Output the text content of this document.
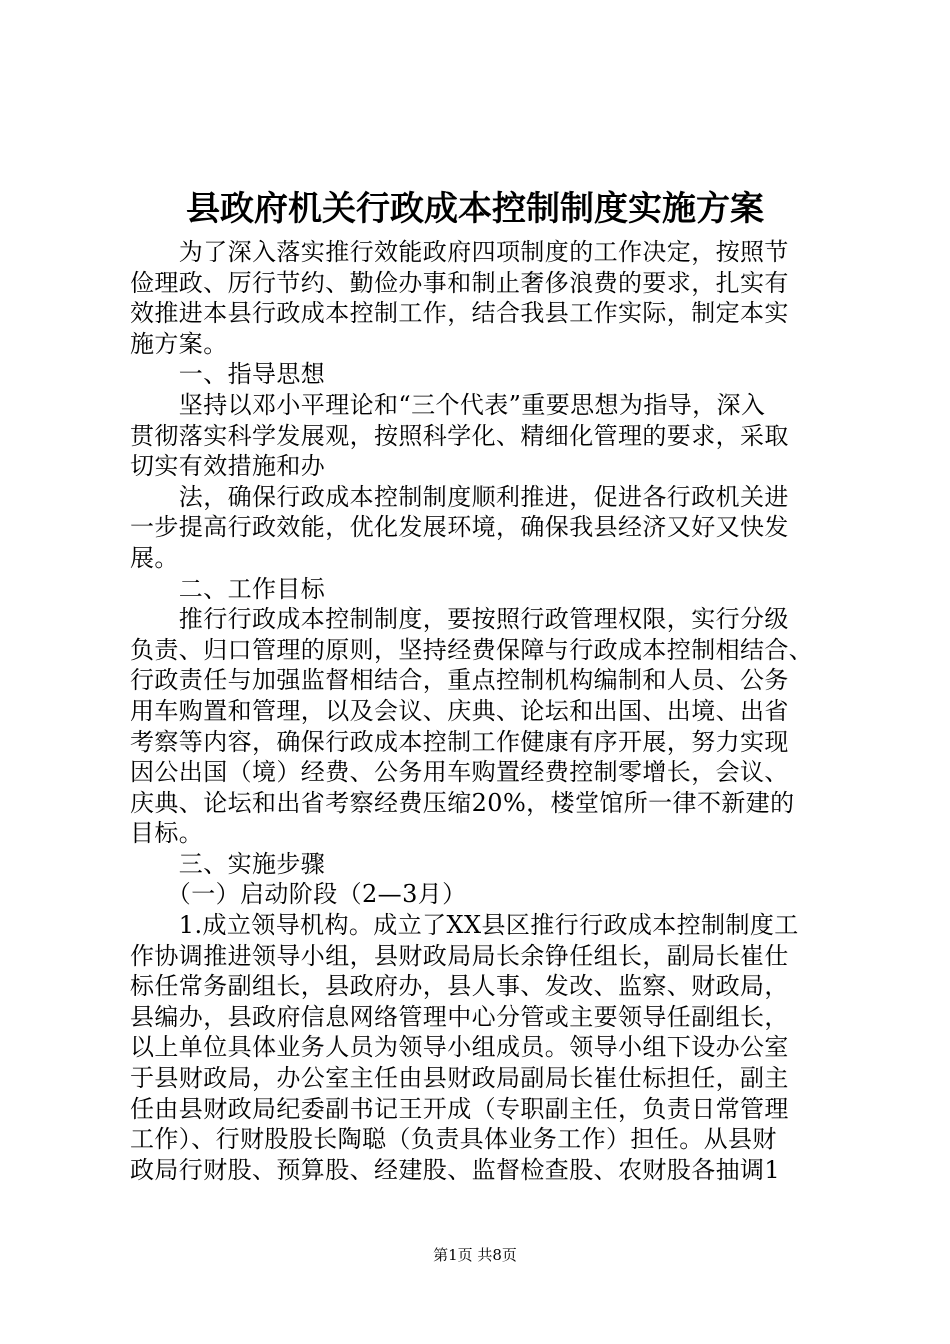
县政府机关行政成本控制制度实施方案
　　为了深入落实推行效能政府四项制度的工作决定，按照节
俭理政、厉行节约、勤俭办事和制止奢侈浪费的要求，扎实有
效推进本县行政成本控制工作，结合我县工作实际，制定本实
施方案。
　　一、指导思想
　　坚持以邓小平理论和“三个代表”重要思想为指导，深入
贯彻落实科学发展观，按照科学化、精细化管理的要求，采取
切实有效措施和办
　　法，确保行政成本控制制度顺利推进，促进各行政机关进
一步提高行政效能，优化发展环境，确保我县经济又好又快发
展。
　　二、工作目标
　　推行行政成本控制制度，要按照行政管理权限，实行分级
负责、归口管理的原则，坚持经费保障与行政成本控制相结合、
行政责任与加强监督相结合，重点控制机构编制和人员、公务
用车购置和管理，以及会议、庆典、论坛和出国、出境、出省
考察等内容，确保行政成本控制工作健康有序开展，努力实现
因公出国（境）经费、公务用车购置经费控制零增长，会议、
庆典、论坛和出省考察经费压缩20%，楼堂馆所一律不新建的
目标。
　　三、实施步骤
　　（一）启动阶段（2—3月）
　　1.成立领导机构。成立了XX县区推行行政成本控制制度工
作协调推进领导小组，县财政局局长余铮任组长，副局长崔仕
标任常务副组长，县政府办，县人事、发改、监察、财政局，
县编办，县政府信息网络管理中心分管或主要领导任副组长，
以上单位具体业务人员为领导小组成员。领导小组下设办公室
于县财政局，办公室主任由县财政局副局长崔仕标担任，副主
任由县财政局纪委副书记王开成（专职副主任，负责日常管理
工作）、行财股股长陶聪（负责具体业务工作）担任。从县财
政局行财股、预算股、经建股、监督检查股、农财股各抽调1
第1页 共8页
